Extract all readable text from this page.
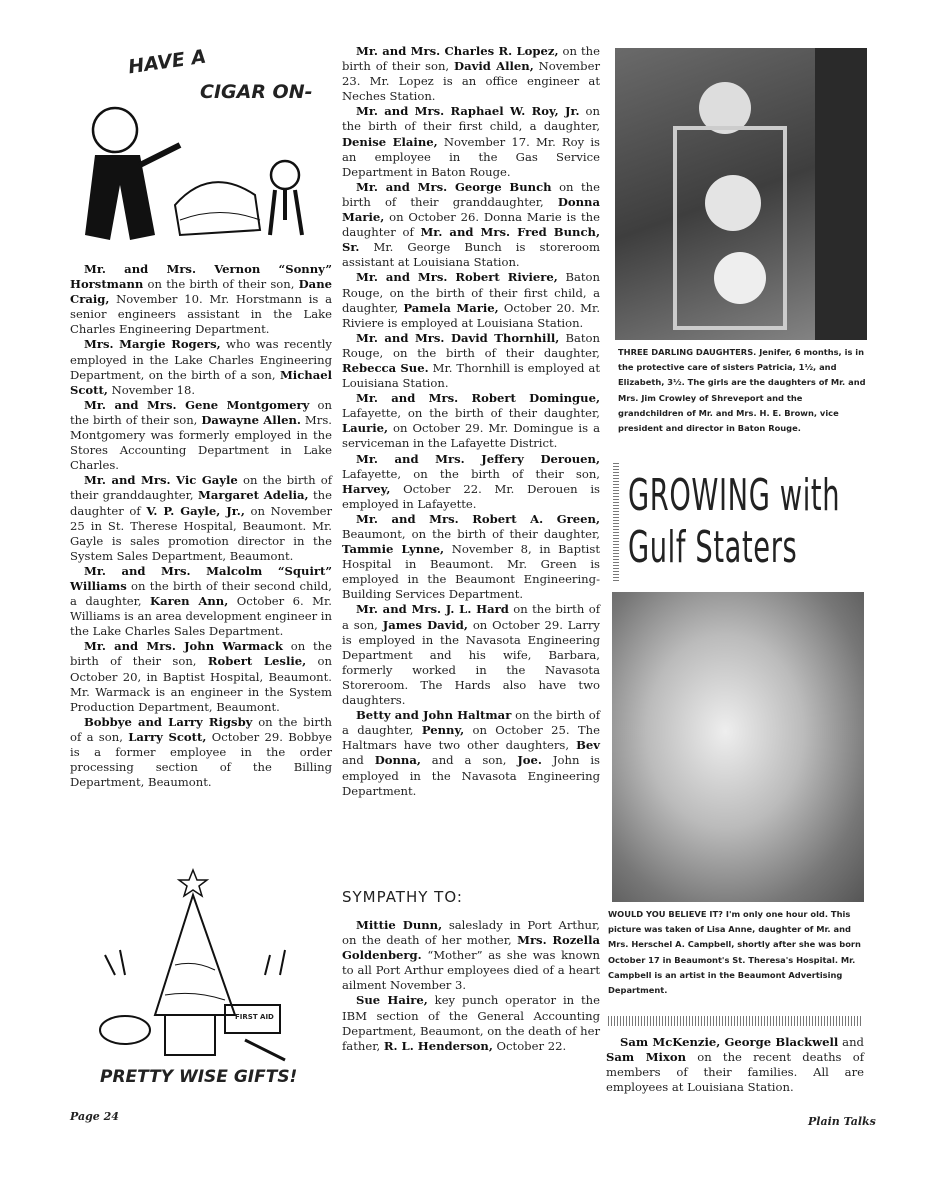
HAVE A
CIGAR ON-

Mr. and Mrs. Vernon “Sonny” Horstmann on the birth of their son, Dane Craig, November 10. Mr. Horstmann is a senior engineers assistant in the Lake Charles Engineering Department.

Mrs. Margie Rogers, who was recently employed in the Lake Charles Engineering Department, on the birth of a son, Michael Scott, November 18.

Mr. and Mrs. Gene Montgomery on the birth of their son, Dawayne Allen. Mrs. Montgomery was formerly employed in the Stores Accounting Department in Lake Charles.

Mr. and Mrs. Vic Gayle on the birth of their granddaughter, Margaret Adelia, the daughter of V. P. Gayle, Jr., on November 25 in St. Therese Hospital, Beaumont. Mr. Gayle is sales promotion director in the System Sales Department, Beaumont.

Mr. and Mrs. Malcolm “Squirt” Williams on the birth of their second child, a daughter, Karen Ann, October 6. Mr. Williams is an area development engineer in the Lake Charles Sales Department.

Mr. and Mrs. John Warmack on the birth of their son, Robert Leslie, on October 20, in Baptist Hospital, Beaumont. Mr. Warmack is an engineer in the System Production Department, Beaumont.

Bobbye and Larry Rigsby on the birth of a son, Larry Scott, October 29. Bobbye is a former employee in the order processing section of the Billing Department, Beaumont.

Mr. and Mrs. Charles R. Lopez, on the birth of their son, David Allen, November 23. Mr. Lopez is an office engineer at Neches Station.

Mr. and Mrs. Raphael W. Roy, Jr. on the birth of their first child, a daughter, Denise Elaine, November 17. Mr. Roy is an employee in the Gas Service Department in Baton Rouge.

Mr. and Mrs. George Bunch on the birth of their granddaughter, Donna Marie, on October 26. Donna Marie is the daughter of Mr. and Mrs. Fred Bunch, Sr. Mr. George Bunch is storeroom assistant at Louisiana Station.

Mr. and Mrs. Robert Riviere, Baton Rouge, on the birth of their first child, a daughter, Pamela Marie, October 20. Mr. Riviere is employed at Louisiana Station.

Mr. and Mrs. David Thornhill, Baton Rouge, on the birth of their daughter, Rebecca Sue. Mr. Thornhill is employed at Louisiana Station.

Mr. and Mrs. Robert Domingue, Lafayette, on the birth of their daughter, Laurie, on October 29. Mr. Domingue is a serviceman in the Lafayette District.

Mr. and Mrs. Jeffery Derouen, Lafayette, on the birth of their son, Harvey, October 22. Mr. Derouen is employed in Lafayette.

Mr. and Mrs. Robert A. Green, Beaumont, on the birth of their daughter, Tammie Lynne, November 8, in Baptist Hospital in Beaumont. Mr. Green is employed in the Beaumont Engineering-Building Services Department.

Mr. and Mrs. J. L. Hard on the birth of a son, James David, on October 29. Larry is employed in the Navasota Engineering Department and his wife, Barbara, formerly worked in the Navasota Storeroom. The Hards also have two daughters.

Betty and John Haltmar on the birth of a daughter, Penny, on October 25. The Haltmars have two other daughters, Bev and Donna, and a son, Joe. John is employed in the Navasota Engineering Department.

FIRST AID
PRETTY WISE GIFTS!
SYMPATHY TO:

Mittie Dunn, saleslady in Port Arthur, on the death of her mother, Mrs. Rozella Goldenberg. “Mother” as she was known to all Port Arthur employees died of a heart ailment November 3.

Sue Haire, key punch operator in the IBM section of the General Accounting Department, Beaumont, on the death of her father, R. L. Henderson, October 22.

THREE DARLING DAUGHTERS. Jenifer, 6 months, is in the protective care of sisters Patricia, 1½, and Elizabeth, 3½. The girls are the daughters of Mr. and Mrs. Jim Crowley of Shreveport and the grandchildren of Mr. and Mrs. H. E. Brown, vice president and director in Baton Rouge.
GROWING with
Gulf Staters
WOULD YOU BELIEVE IT? I'm only one hour old. This picture was taken of Lisa Anne, daughter of Mr. and Mrs. Herschel A. Campbell, shortly after she was born October 17 in Beaumont's St. Theresa's Hospital. Mr. Campbell is an artist in the Beaumont Advertising Department.

Sam McKenzie, George Blackwell and Sam Mixon on the recent deaths of members of their families. All are employees at Louisiana Station.

Page 24	Plain Talks
